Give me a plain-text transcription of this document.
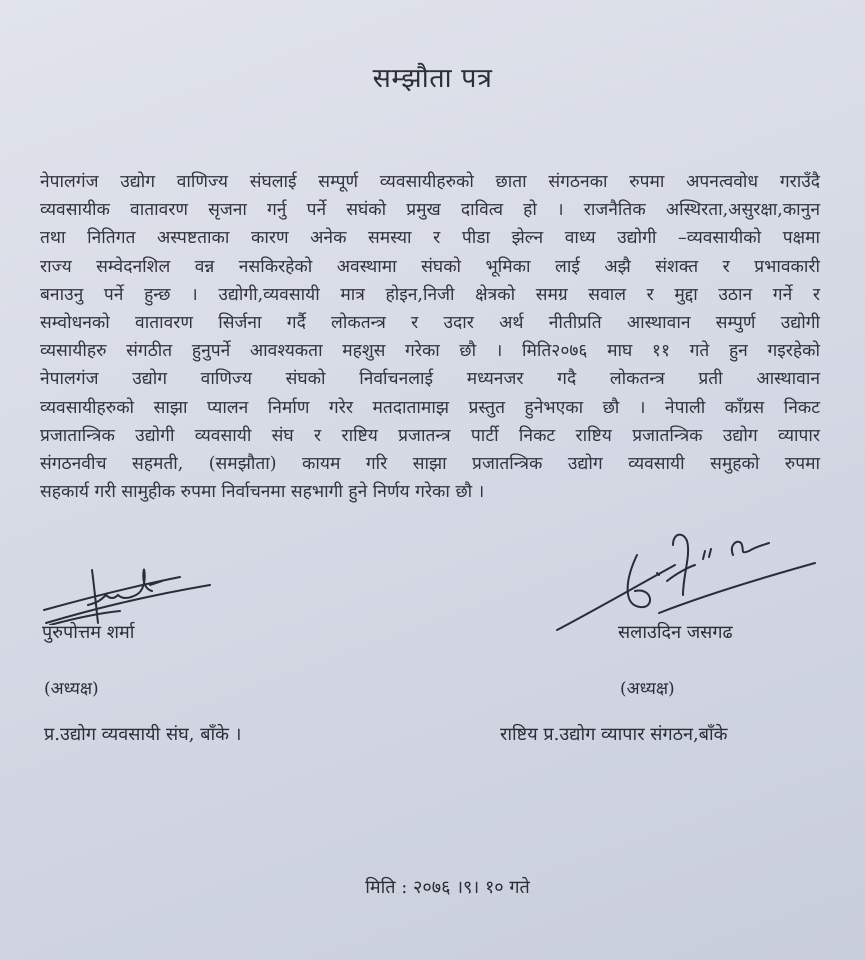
सम्झौता पत्र
नेपालगंज उद्योग वाणिज्य संघलाई सम्पूर्ण व्यवसायीहरुको छाता संगठनका रुपमा अपनत्ववोध गराउँदै
व्यवसायीक वातावरण सृजना गर्नु पर्ने सघंको प्रमुख दावित्व हो । राजनैतिक अस्थिरता,असुरक्षा,कानुन
तथा नितिगत अस्पष्टताका कारण अनेक समस्या र पीडा झेल्न वाध्य उद्योगी –व्यवसायीको पक्षमा
राज्य सम्वेदनशिल वन्न नसकिरहेको अवस्थामा संघको भूमिका लाई अझै संशक्त र प्रभावकारी
बनाउनु पर्ने हुन्छ । उद्योगी,व्यवसायी मात्र होइन,निजी क्षेत्रको समग्र सवाल र मुद्दा उठान गर्ने र
सम्वोधनको वातावरण सिर्जना गर्दै लोकतन्त्र र उदार अर्थ नीतीप्रति आस्थावान सम्पुर्ण उद्योगी
व्यसायीहरु संगठीत हुनुपर्ने आवश्यकता महशुस गरेका छौ । मिति२०७६ माघ ११ गते हुन गइरहेको
नेपालगंज उद्योग वाणिज्य संघको निर्वाचनलाई मध्यनजर गदै लोकतन्त्र प्रती आस्थावान
व्यवसायीहरुको साझा प्यालन निर्माण गरेर मतदातामाझ प्रस्तुत हुनेभएका छौ । नेपाली काँग्रस निकट
प्रजातान्त्रिक उद्योगी व्यवसायी संघ र राष्टिय प्रजातन्त्र पार्टी निकट राष्टिय प्रजातन्त्रिक उद्योग व्यापार
संगठनवीच सहमती, (समझौता) कायम गरि साझा प्रजातन्त्रिक उद्योग व्यवसायी समुहको रुपमा
सहकार्य गरी सामुहीक रुपमा निर्वाचनमा सहभागी हुने निर्णय गरेका छौ ।
पुरुपोत्तम शर्मा	सलाउदिन जसगढ
(अध्यक्ष)	(अध्यक्ष)
प्र.उद्योग व्यवसायी संघ, बाँके ।	राष्टिय प्र.उद्योग व्यापार संगठन,बाँके
मिति : २०७६ ।९। १० गते
